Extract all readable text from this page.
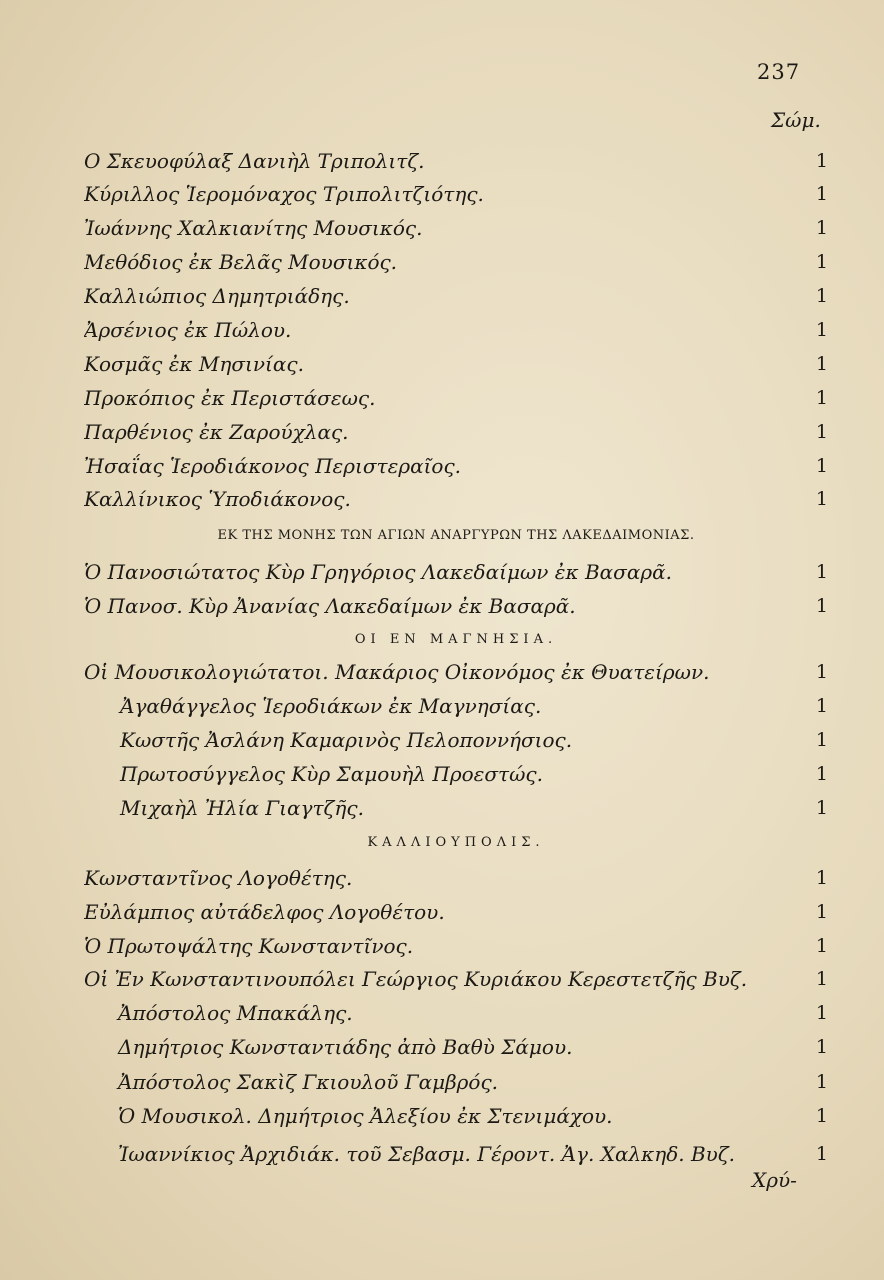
237
Σώμ.
Ο Σκευοφύλαξ Δανιὴλ Τριπολιτζ.	1
Κύριλλος Ἱερομόναχος Τριπολιτζιότης.	1
Ἰωάννης Χαλκιανίτης Μουσικός.	1
Μεθόδιος ἐκ Βελᾶς Μουσικός.	1
Καλλιώπιος Δημητριάδης.	1
Ἀρσένιος ἐκ Πώλου.	1
Κοσμᾶς ἐκ Μησινίας.	1
Προκόπιος ἐκ Περιστάσεως.	1
Παρθένιος ἐκ Ζαρούχλας.	1
Ἠσαΐας Ἱεροδιάκονος Περιστεραῖος.	1
Καλλίνικος Ὑποδιάκονος.	1
ΕΚ ΤΗΣ ΜΟΝΗΣ ΤΩΝ ΑΓΙΩΝ ΑΝΑΡΓΥΡΩΝ ΤΗΣ ΛΑΚΕΔΑΙΜΟΝΙΑΣ.
Ὁ Πανοσιώτατος Κὺρ Γρηγόριος Λακεδαίμων ἐκ Βασαρᾶ.	1
Ὁ Πανοσ. Κὺρ Ἀνανίας Λακεδαίμων ἐκ Βασαρᾶ.	1
ΟΙ ΕΝ ΜΑΓΝΗΣΙΑ.
Οἱ Μουσικολογιώτατοι. Μακάριος Οἰκονόμος ἐκ Θυατείρων.	1
Ἀγαθάγγελος Ἱεροδιάκων ἐκ Μαγνησίας.	1
Κωστῆς Ἀσλάνη Καμαρινὸς Πελοποννήσιος.	1
Πρωτοσύγγελος Κὺρ Σαμουὴλ Προεστώς.	1
Μιχαὴλ Ἠλία Γιαγτζῆς.	1
ΚΑΛΛΙΟΥΠΟΛΙΣ.
Κωνσταντῖνος Λογοθέτης.	1
Εὐλάμπιος αὐτάδελφος Λογοθέτου.	1
Ὁ Πρωτοψάλτης Κωνσταντῖνος.	1
Οἱ Ἐν Κωνσταντινουπόλει Γεώργιος Κυριάκου Κερεστετζῆς Βυζ.	1
Ἀπόστολος Μπακάλης.	1
Δημήτριος Κωνσταντιάδης ἀπὸ Βαθὺ Σάμου.	1
Ἀπόστολος Σακὶζ Γκιουλοῦ Γαμβρός.	1
Ὁ Μουσικολ. Δημήτριος Ἀλεξίου ἐκ Στενιμάχου.	1
Ἰωαννίκιος Ἀρχιδιάκ. τοῦ Σεβασμ. Γέροντ. Ἀγ. Χαλκηδ. Βυζ.	1
Χρύ-
